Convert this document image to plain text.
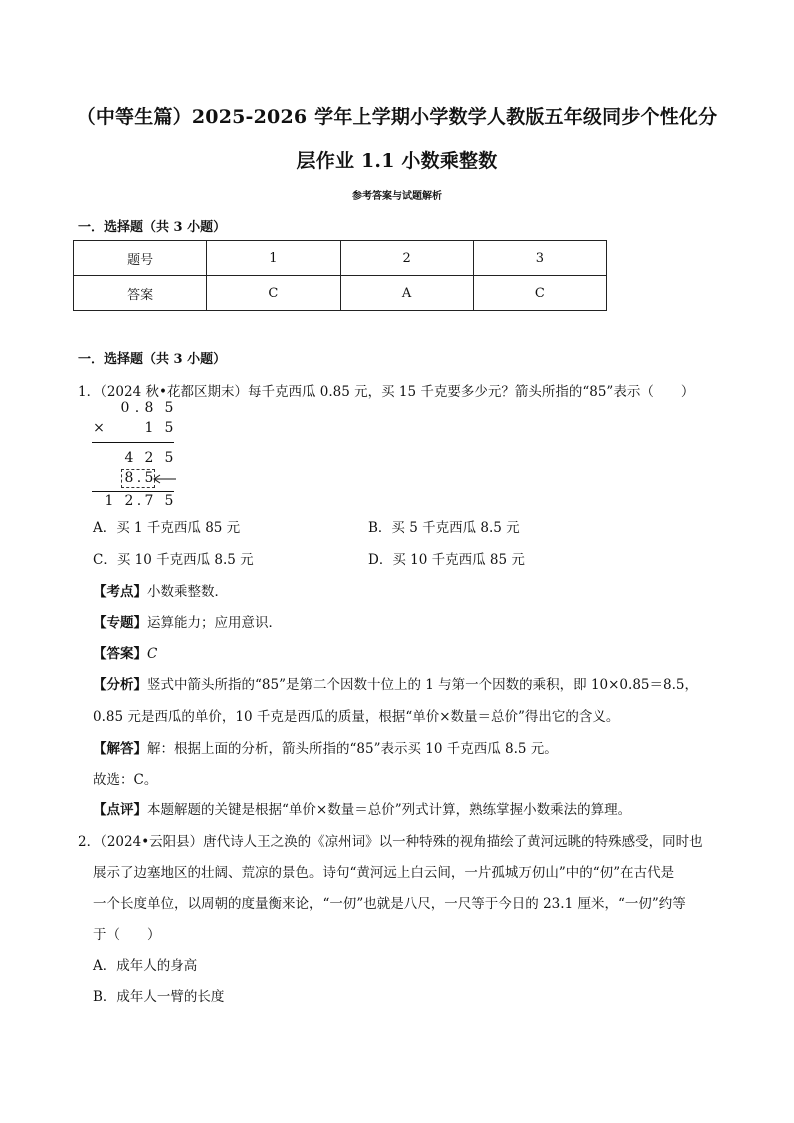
（中等生篇）2025-2026 学年上学期小学数学人教版五年级同步个性化分
层作业 1.1 小数乘整数
参考答案与试题解析
一．选择题（共 3 小题）
题号	1	2	3
答案	C	A	C
一．选择题（共 3 小题）
1．（2024 秋•花都区期末）每千克西瓜 0.85 元，买 15 千克要多少元？箭头所指的“85”表示（　　）
0 . 8 5
×	1 5
4 2 5
8 . 5
1 2 . 7 5
A．买 1 千克西瓜 85 元	B．买 5 千克西瓜 8.5 元
C．买 10 千克西瓜 8.5 元	D．买 10 千克西瓜 85 元
【考点】小数乘整数．
【专题】运算能力；应用意识．
【答案】C
【分析】竖式中箭头所指的“85”是第二个因数十位上的 1 与第一个因数的乘积，即 10×0.85＝8.5，
0.85 元是西瓜的单价，10 千克是西瓜的质量，根据“单价×数量＝总价”得出它的含义。
【解答】解：根据上面的分析，箭头所指的“85”表示买 10 千克西瓜 8.5 元。
故选：C。
【点评】本题解题的关键是根据“单价×数量＝总价”列式计算，熟练掌握小数乘法的算理。
2．（2024•云阳县）唐代诗人王之涣的《凉州词》以一种特殊的视角描绘了黄河远眺的特殊感受，同时也
展示了边塞地区的壮阔、荒凉的景色。诗句“黄河远上白云间，一片孤城万仞山”中的“仞”在古代是
一个长度单位，以周朝的度量衡来论，“一仞”也就是八尺，一尺等于今日的 23.1 厘米，“一仞”约等
于（　　）
A．成年人的身高
B．成年人一臂的长度
